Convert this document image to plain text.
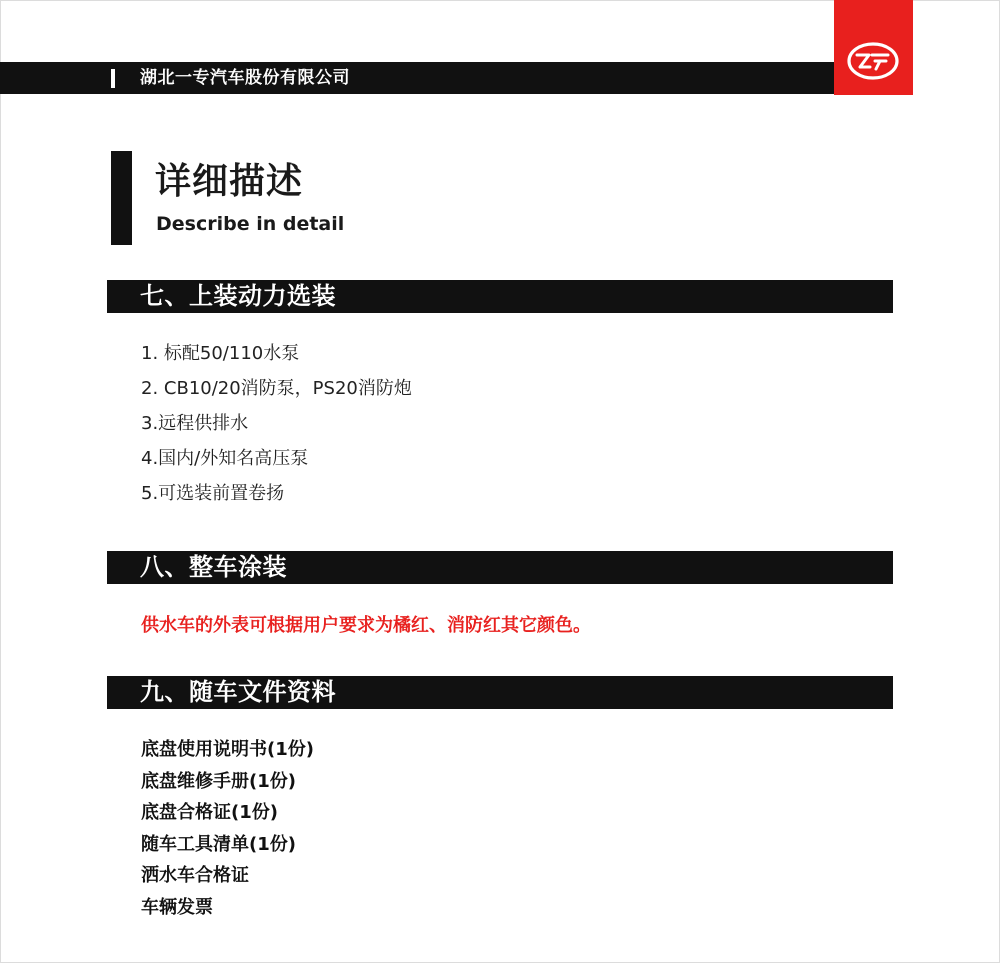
湖北一专汽车股份有限公司
详细描述
Describe in detail
七、上装动力选装
1. 标配50/110水泵
2. CB10/20消防泵，PS20消防炮
3.远程供排水
4.国内/外知名高压泵
5.可选装前置卷扬
八、整车涂装
供水车的外表可根据用户要求为橘红、消防红其它颜色。
九、随车文件资料
底盘使用说明书(1份)
底盘维修手册(1份)
底盘合格证(1份)
随车工具清单(1份)
洒水车合格证
车辆发票
